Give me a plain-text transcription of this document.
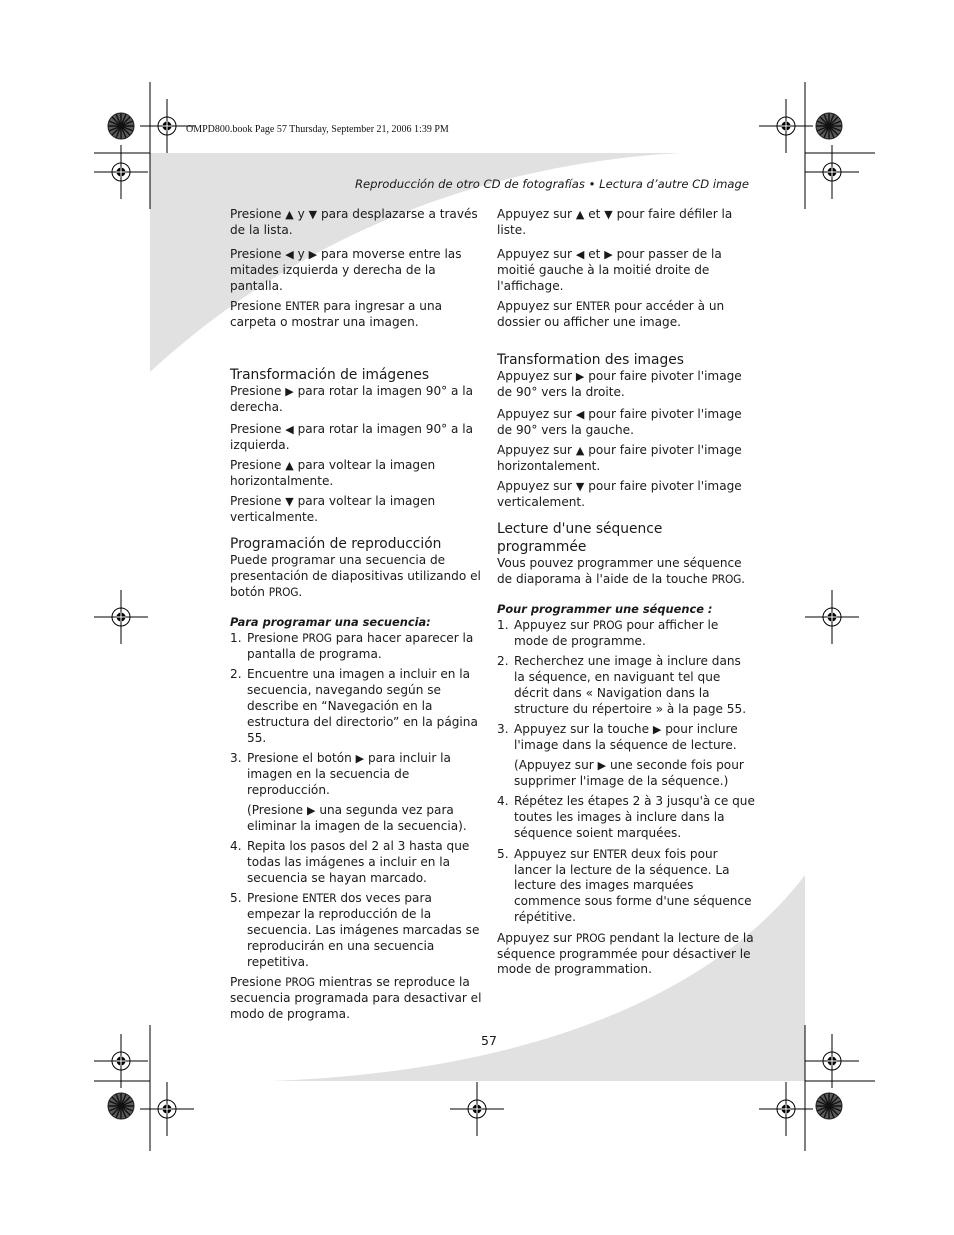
OMPD800.book Page 57 Thursday, September 21, 2006 1:39 PM
Reproducción de otro CD de fotografías • Lectura d’autre CD image

Presione ▲ y ▼ para desplazarse a través de la lista.

Presione ◀ y ▶ para moverse entre las mitades izquierda y derecha de la pantalla.

Presione ENTER para ingresar a una carpeta o mostrar una imagen.

Transformación de imágenes

Presione ▶ para rotar la imagen 90° a la derecha.

Presione ◀ para rotar la imagen 90° a la izquierda.

Presione ▲ para voltear la imagen horizontalmente.

Presione ▼ para voltear la imagen verticalmente.

Programación de reproducción

Puede programar una secuencia de presentación de diapositivas utilizando el botón PROG.

Para programar una secuencia:

1. Presione PROG para hacer aparecer la pantalla de programa.
2. Encuentre una imagen a incluir en la secuencia, navegando según se describe en “Navegación en la estructura del directorio” en la página 55.
3. Presione el botón ▶ para incluir la imagen en la secuencia de reproducción.
(Presione ▶ una segunda vez para eliminar la imagen de la secuencia).
4. Repita los pasos del 2 al 3 hasta que todas las imágenes a incluir en la secuencia se hayan marcado.
5. Presione ENTER dos veces para empezar la reproducción de la secuencia. Las imágenes marcadas se reproducirán en una secuencia repetitiva.

Presione PROG mientras se reproduce la secuencia programada para desactivar el modo de programa.

Appuyez sur ▲ et ▼ pour faire défiler la liste.

Appuyez sur ◀ et ▶ pour passer de la moitié gauche à la moitié droite de l'affichage.

Appuyez sur ENTER pour accéder à un dossier ou afficher une image.

Transformation des images

Appuyez sur ▶ pour faire pivoter l'image de 90° vers la droite.

Appuyez sur ◀ pour faire pivoter l'image de 90° vers la gauche.

Appuyez sur ▲ pour faire pivoter l'image horizontalement.

Appuyez sur ▼ pour faire pivoter l'image verticalement.

Lecture d'une séquence programmée

Vous pouvez programmer une séquence de diaporama à l'aide de la touche PROG.

Pour programmer une séquence :

1. Appuyez sur PROG pour afficher le mode de programme.
2. Recherchez une image à inclure dans la séquence, en naviguant tel que décrit dans « Navigation dans la structure du répertoire » à la page 55.
3. Appuyez sur la touche ▶ pour inclure l'image dans la séquence de lecture.
(Appuyez sur ▶ une seconde fois pour supprimer l'image de la séquence.)
4. Répétez les étapes 2 à 3 jusqu'à ce que toutes les images à inclure dans la séquence soient marquées.
5. Appuyez sur ENTER deux fois pour lancer la lecture de la séquence. La lecture des images marquées commence sous forme d'une séquence répétitive.

Appuyez sur PROG pendant la lecture de la séquence programmée pour désactiver le mode de programmation.

57
